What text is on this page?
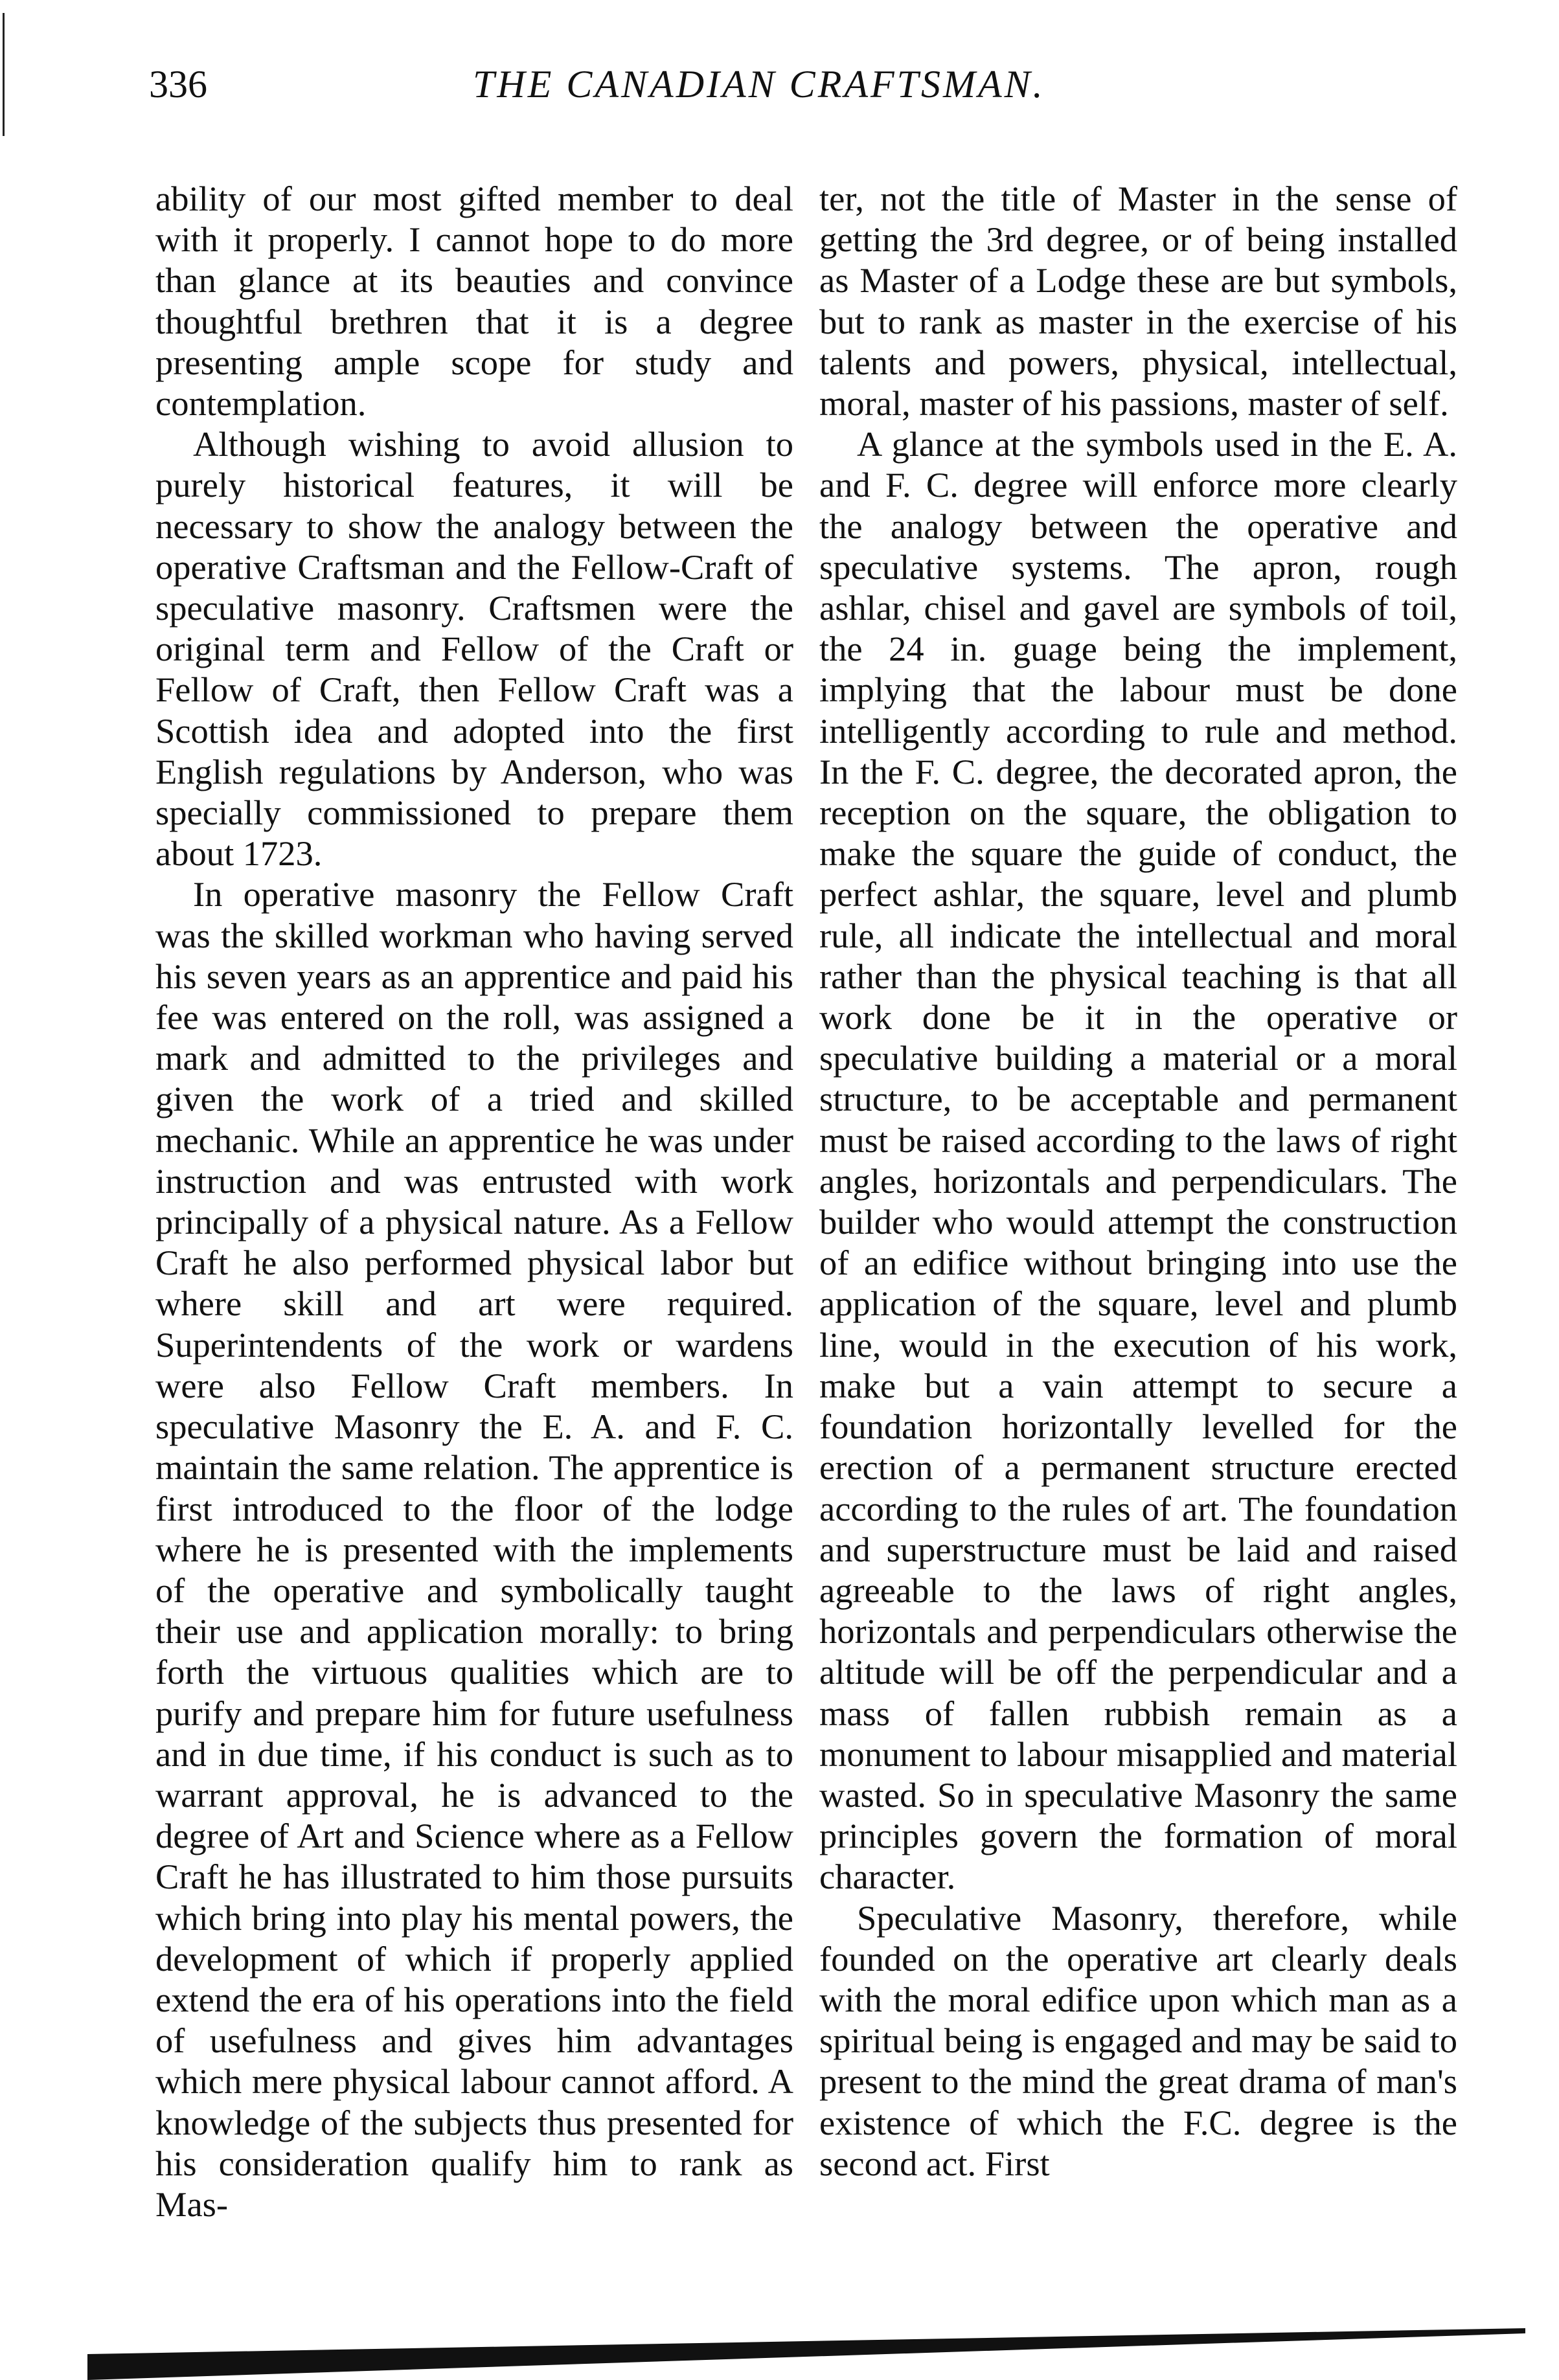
336	THE CANADIAN CRAFTSMAN.

ability of our most gifted member to deal with it properly. I cannot hope to do more than glance at its beauties and convince thoughtful brethren that it is a degree presenting ample scope for study and contemplation.

Although wishing to avoid allusion to purely historical features, it will be necessary to show the analogy between the operative Craftsman and the Fellow-Craft of speculative masonry. Craftsmen were the original term and Fellow of the Craft or Fellow of Craft, then Fellow Craft was a Scottish idea and adopted into the first English regulations by Anderson, who was specially commissioned to prepare them about 1723.

In operative masonry the Fellow Craft was the skilled workman who having served his seven years as an apprentice and paid his fee was entered on the roll, was assigned a mark and admitted to the privileges and given the work of a tried and skilled mechanic. While an apprentice he was under instruction and was entrusted with work principally of a physical nature. As a Fellow Craft he also performed physical labor but where skill and art were required. Superintendents of the work or wardens were also Fellow Craft members. In speculative Masonry the E. A. and F. C. maintain the same relation. The apprentice is first introduced to the floor of the lodge where he is presented with the implements of the operative and symbolically taught their use and application morally: to bring forth the virtuous qualities which are to purify and prepare him for future usefulness and in due time, if his conduct is such as to warrant approval, he is advanced to the degree of Art and Science where as a Fellow Craft he has illustrated to him those pursuits which bring into play his mental powers, the development of which if properly applied extend the era of his operations into the field of usefulness and gives him advantages which mere physical labour cannot afford. A knowledge of the subjects thus presented for his consideration qualify him to rank as Mas-

ter, not the title of Master in the sense of getting the 3rd degree, or of being installed as Master of a Lodge these are but symbols, but to rank as master in the exercise of his talents and powers, physical, intellectual, moral, master of his passions, master of self.

A glance at the symbols used in the E. A. and F. C. degree will enforce more clearly the analogy between the operative and speculative systems. The apron, rough ashlar, chisel and gavel are symbols of toil, the 24 in. guage being the implement, implying that the labour must be done intelligently according to rule and method. In the F. C. degree, the decorated apron, the reception on the square, the obligation to make the square the guide of conduct, the perfect ashlar, the square, level and plumb rule, all indicate the intellectual and moral rather than the physical teaching is that all work done be it in the operative or speculative building a material or a moral structure, to be acceptable and permanent must be raised according to the laws of right angles, horizontals and perpendiculars. The builder who would attempt the construction of an edifice without bringing into use the application of the square, level and plumb line, would in the execution of his work, make but a vain attempt to secure a foundation horizontally levelled for the erection of a permanent structure erected according to the rules of art. The foundation and superstructure must be laid and raised agreeable to the laws of right angles, horizontals and perpendiculars otherwise the altitude will be off the perpendicular and a mass of fallen rubbish remain as a monument to labour misapplied and material wasted. So in speculative Masonry the same principles govern the formation of moral character.

Speculative Masonry, therefore, while founded on the operative art clearly deals with the moral edifice upon which man as a spiritual being is engaged and may be said to present to the mind the great drama of man's existence of which the F.C. degree is the second act. First
